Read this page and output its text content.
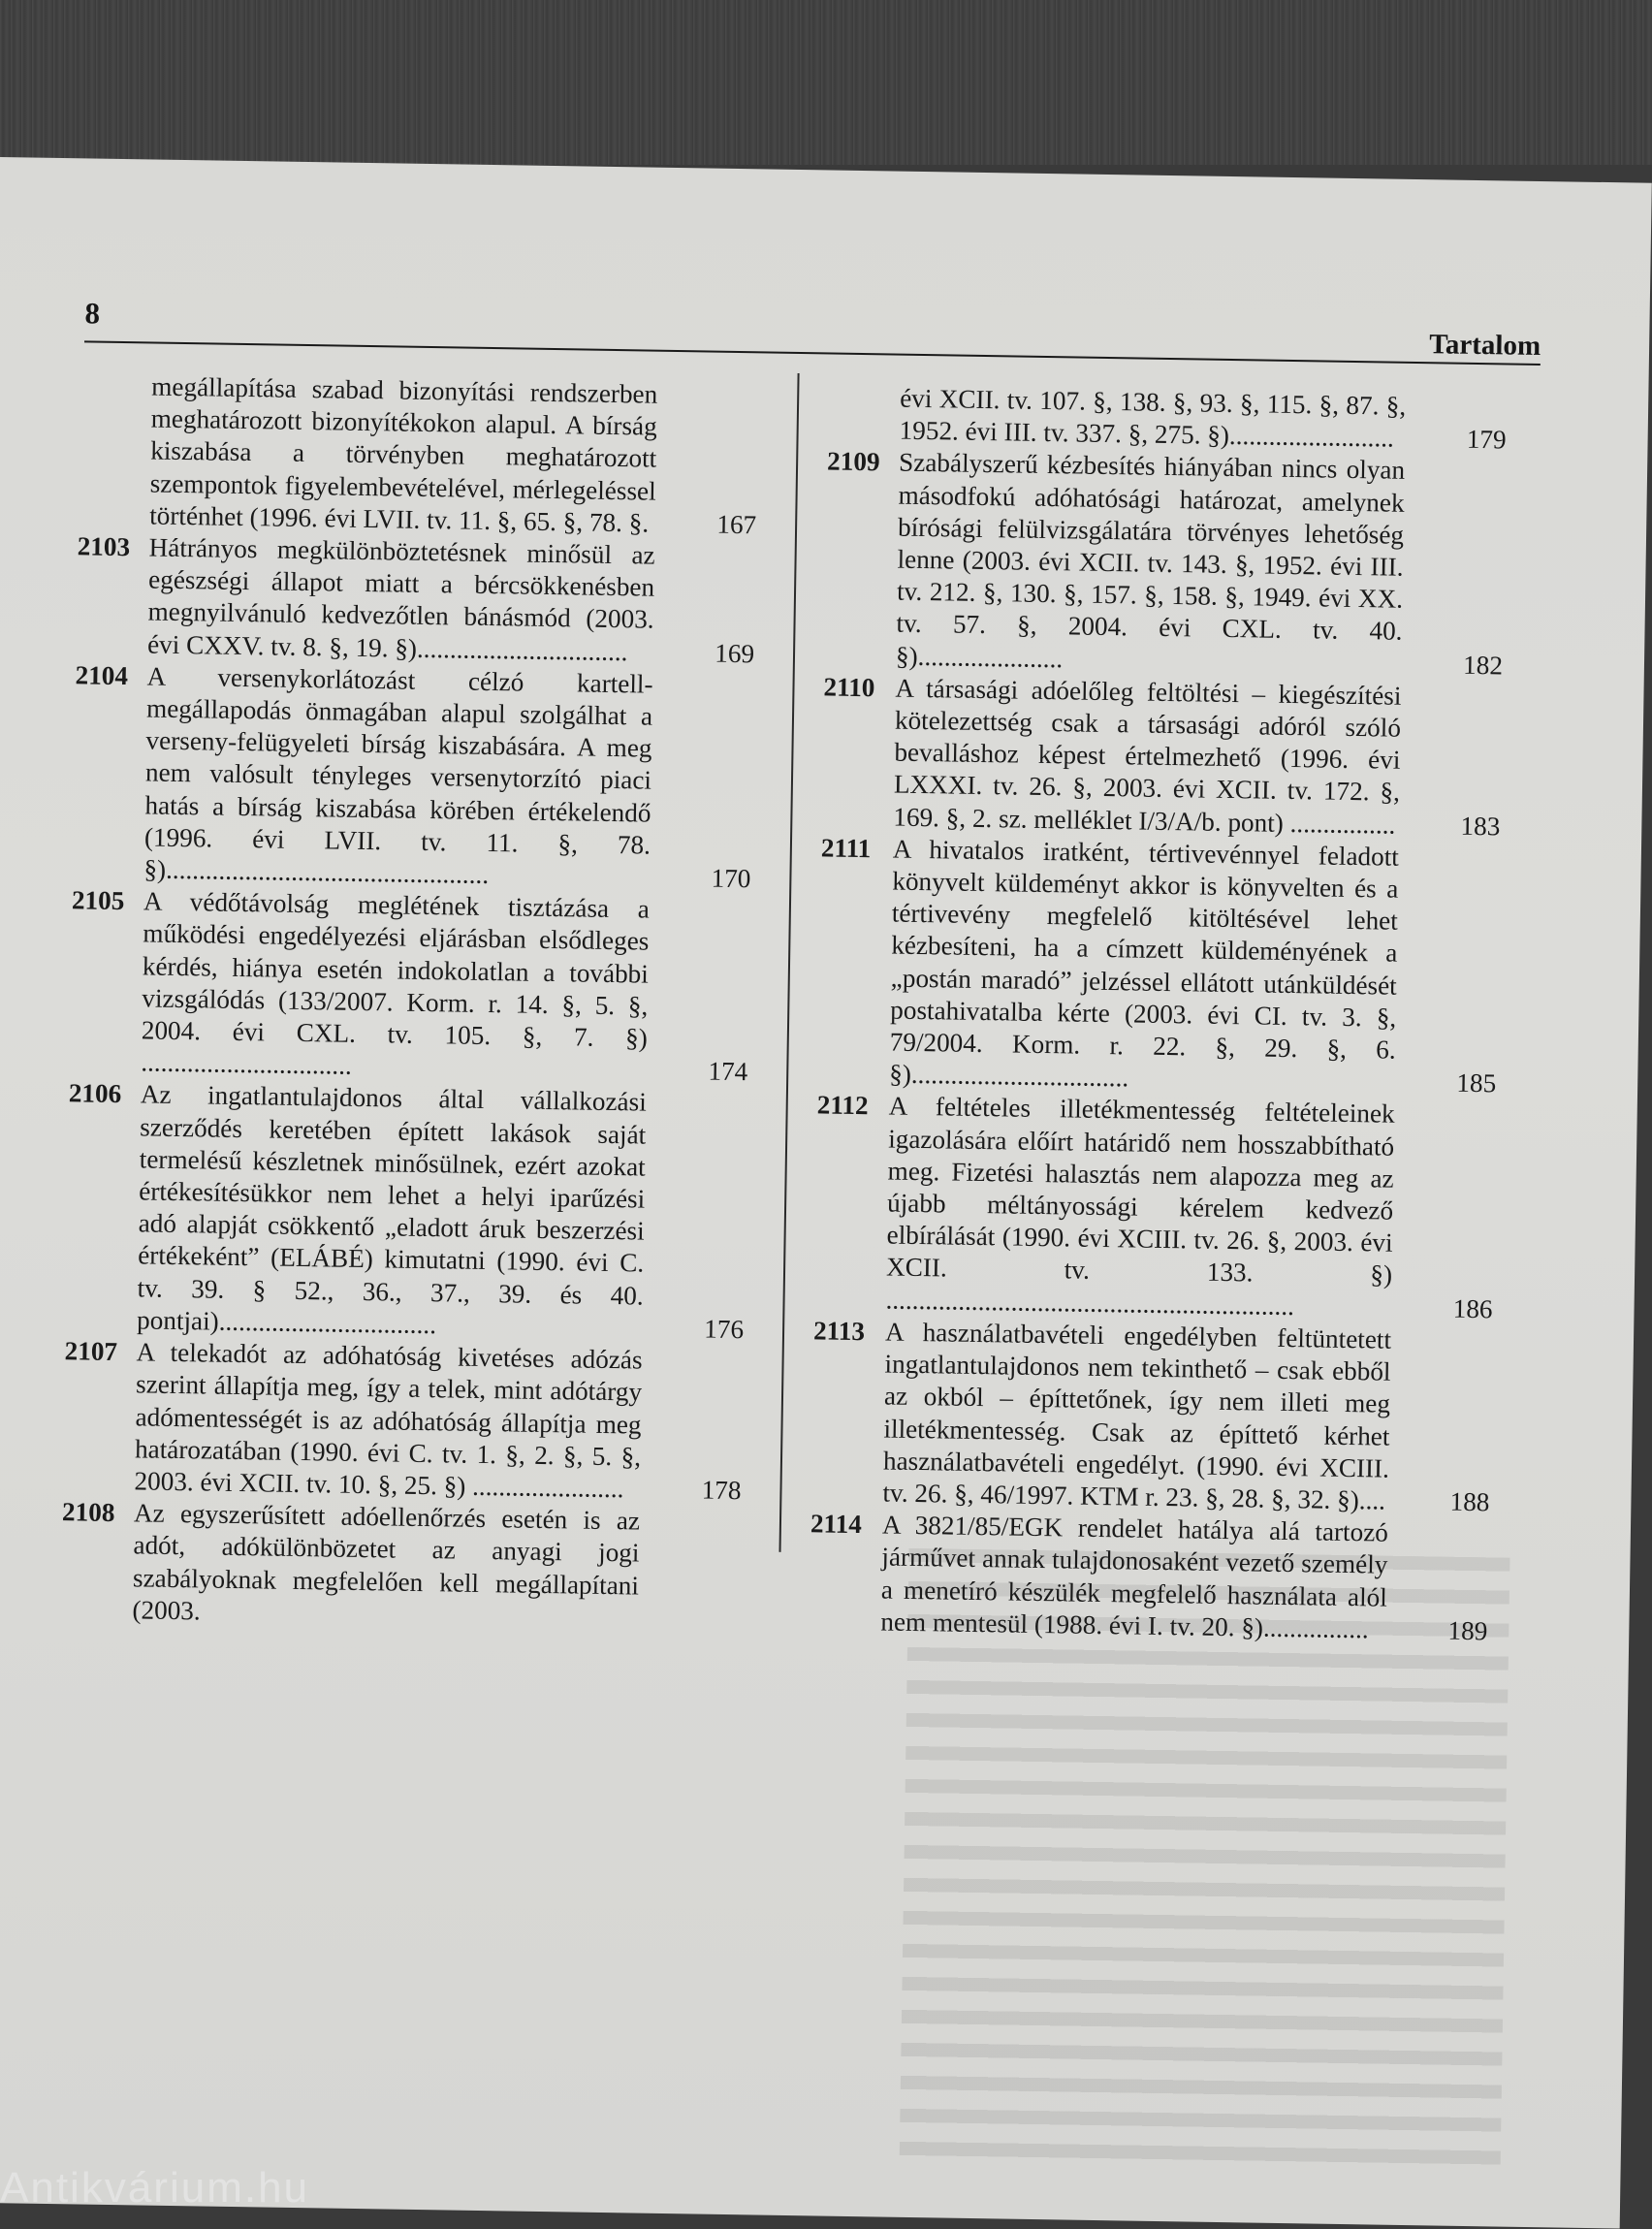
8
Tartalom
megállapítása szabad bizonyítási rendszerben meghatározott bizonyítékokon alapul. A bírság kiszabása a törvényben meghatározott szempontok figyelembevételével, mérlegeléssel történhet (1996. évi LVII. tv. 11. §, 65. §, 78. §.	167
2103 Hátrányos megkülönböztetésnek minősül az egészségi állapot miatt a bércsökkenésben megnyilvánuló kedvezőtlen bánásmód (2003. évi CXXV. tv. 8. §, 19. §)................................	169
2104 A versenykorlátozást célzó kartell-megállapodás önmagában alapul szolgálhat a verseny-felügyeleti bírság kiszabására. A meg nem valósult tényleges versenytorzító piaci hatás a bírság kiszabása körében értékelendő (1996. évi LVII. tv. 11. §, 78. §).................................................	170
2105 A védőtávolság meglétének tisztázása a működési engedélyezési eljárásban elsődleges kérdés, hiánya esetén indokolatlan a további vizsgálódás (133/2007. Korm. r. 14. §, 5. §, 2004. évi CXL. tv. 105. §, 7. §) ................................	174
2106 Az ingatlantulajdonos által vállalkozási szerződés keretében épített lakások saját termelésű készletnek minősülnek, ezért azokat értékesítésükkor nem lehet a helyi iparűzési adó alapját csökkentő „eladott áruk beszerzési értékeként” (ELÁBÉ) kimutatni (1990. évi C. tv. 39. § 52., 36., 37., 39. és 40. pontjai).................................	176
2107 A telekadót az adóhatóság kivetéses adózás szerint állapítja meg, így a telek, mint adótárgy adómentességét is az adóhatóság állapítja meg határozatában (1990. évi C. tv. 1. §, 2. §, 5. §, 2003. évi XCII. tv. 10. §, 25. §) .......................	178
2108 Az egyszerűsített adóellenőrzés esetén is az adót, adókülönbözetet az anyagi jogi szabályoknak megfelelően kell megállapítani (2003.
évi XCII. tv. 107. §, 138. §, 93. §, 115. §, 87. §, 1952. évi III. tv. 337. §, 275. §).........................	179
2109 Szabályszerű kézbesítés hiányában nincs olyan másodfokú adóhatósági határozat, amelynek bírósági felülvizsgálatára törvényes lehetőség lenne (2003. évi XCII. tv. 143. §, 1952. évi III. tv. 212. §, 130. §, 157. §, 158. §, 1949. évi XX. tv. 57. §, 2004. évi CXL. tv. 40. §)......................	182
2110 A társasági adóelőleg feltöltési – kiegészítési kötelezettség csak a társasági adóról szóló bevalláshoz képest értelmezhető (1996. évi LXXXI. tv. 26. §, 2003. évi XCII. tv. 172. §, 169. §, 2. sz. melléklet I/3/A/b. pont) ................	183
2111 A hivatalos iratként, tértivevénnyel feladott könyvelt küldeményt akkor is könyvelten és a tértivevény megfelelő kitöltésével lehet kézbesíteni, ha a címzett küldeményének a „postán maradó” jelzéssel ellátott utánküldését postahivatalba kérte (2003. évi CI. tv. 3. §, 79/2004. Korm. r. 22. §, 29. §, 6. §).................................	185
2112 A feltételes illetékmentesség feltételeinek igazolására előírt határidő nem hosszabbítható meg. Fizetési halasztás nem alapozza meg az újabb méltányossági kérelem kedvező elbírálását (1990. évi XCIII. tv. 26. §, 2003. évi XCII. tv. 133. §) ..............................................................	186
2113 A használatbavételi engedélyben feltüntetett ingatlantulajdonos nem tekinthető – csak ebből az okból – építtetőnek, így nem illeti meg illetékmentesség. Csak az építtető kérhet használatbavételi engedélyt. (1990. évi XCIII. tv. 26. §, 46/1997. KTM r. 23. §, 28. §, 32. §)....	188
2114 A 3821/85/EGK rendelet hatálya alá tartozó járművet annak tulajdonosaként vezető személy a menetíró készülék megfelelő használata alól nem mentesül (1988. évi I. tv. 20. §)................	189
Antikvárium.hu
